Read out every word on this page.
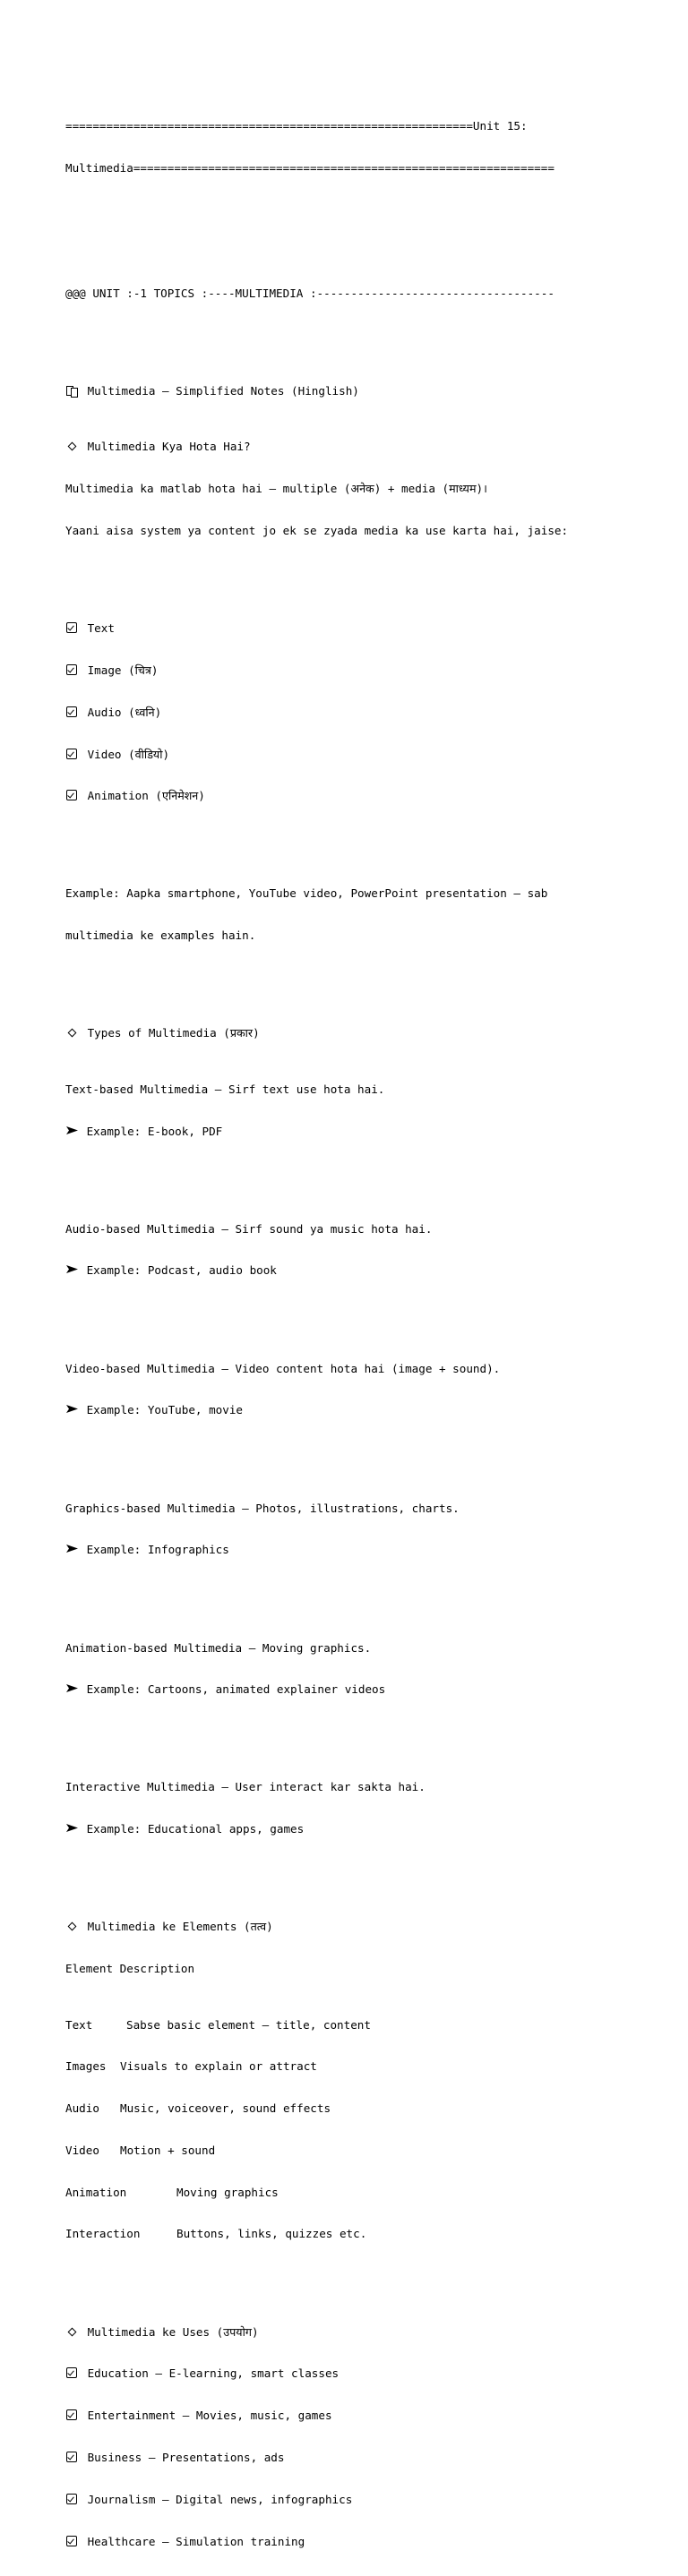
============================================================Unit 15:

Multimedia==============================================================

@@@ UNIT :-1 TOPICS :----MULTIMEDIA :-----------------------------------

Multimedia – Simplified Notes (Hinglish)

Multimedia Kya Hota Hai?

Multimedia ka matlab hota hai – multiple (अनेक) + media (माध्यम)।

Yaani aisa system ya content jo ek se zyada media ka use karta hai, jaise:

Text

Image (चित्र)

Audio (ध्वनि)

Video (वीडियो)

Animation (एनिमेशन)

Example: Aapka smartphone, YouTube video, PowerPoint presentation – sab

multimedia ke examples hain.

Types of Multimedia (प्रकार)

Text-based Multimedia – Sirf text use hota hai.

Example: E-book, PDF

Audio-based Multimedia – Sirf sound ya music hota hai.

Example: Podcast, audio book

Video-based Multimedia – Video content hota hai (image + sound).

Example: YouTube, movie

Graphics-based Multimedia – Photos, illustrations, charts.

Example: Infographics

Animation-based Multimedia – Moving graphics.

Example: Cartoons, animated explainer videos

Interactive Multimedia – User interact kar sakta hai.

Example: Educational apps, games

Multimedia ke Elements (तत्व)

Element Description

Text	Sabse basic element – title, content

Images Visuals to explain or attract

Audio Music, voiceover, sound effects

Video Motion + sound

Animation	Moving graphics

Interaction	Buttons, links, quizzes etc.

Multimedia ke Uses (उपयोग)

Education – E-learning, smart classes

Entertainment – Movies, music, games

Business – Presentations, ads

Journalism – Digital news, infographics

Healthcare – Simulation training
